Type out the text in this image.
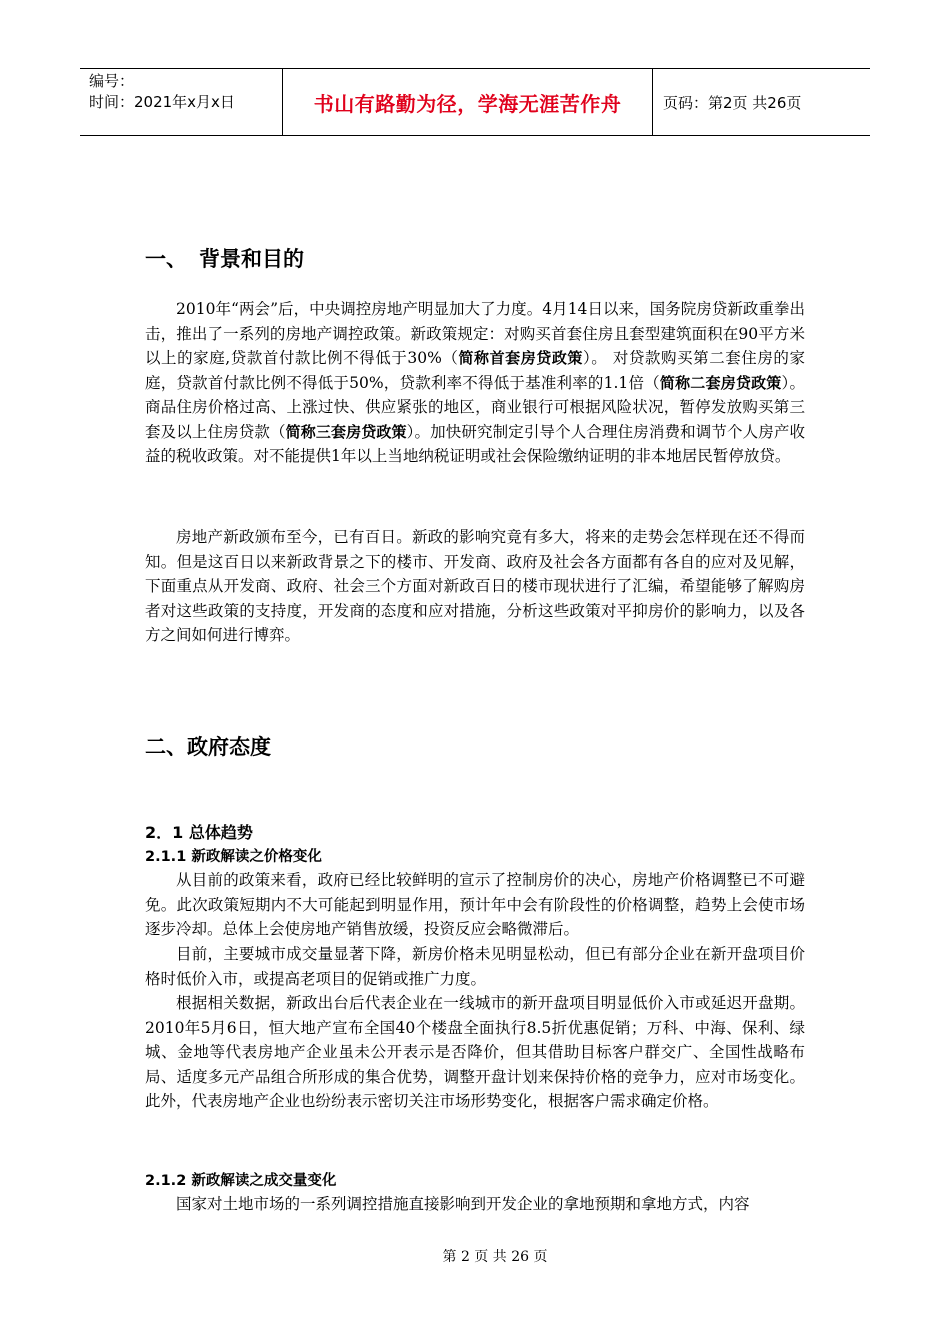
编号：
时间：2021年x月x日	书山有路勤为径，学海无涯苦作舟	页码：第2页 共26页
一、 背景和目的

2010年“两会”后，中央调控房地产明显加大了力度。4月14日以来，国务院房贷新政重拳出击，推出了一系列的房地产调控政策。新政策规定：对购买首套住房且套型建筑面积在90平方米以上的家庭,贷款首付款比例不得低于30%（简称首套房贷政策）。 对贷款购买第二套住房的家庭，贷款首付款比例不得低于50%，贷款利率不得低于基准利率的1.1倍（简称二套房贷政策）。商品住房价格过高、上涨过快、供应紧张的地区，商业银行可根据风险状况，暂停发放购买第三套及以上住房贷款（简称三套房贷政策）。加快研究制定引导个人合理住房消费和调节个人房产收益的税收政策。对不能提供1年以上当地纳税证明或社会保险缴纳证明的非本地居民暂停放贷。

房地产新政颁布至今，已有百日。新政的影响究竟有多大，将来的走势会怎样现在还不得而知。但是这百日以来新政背景之下的楼市、开发商、政府及社会各方面都有各自的应对及见解，下面重点从开发商、政府、社会三个方面对新政百日的楼市现状进行了汇编，希望能够了解购房者对这些政策的支持度，开发商的态度和应对措施，分析这些政策对平抑房价的影响力，以及各方之间如何进行博弈。

二、政府态度
2．1 总体趋势
2.1.1 新政解读之价格变化

从目前的政策来看，政府已经比较鲜明的宣示了控制房价的决心，房地产价格调整已不可避免。此次政策短期内不大可能起到明显作用，预计年中会有阶段性的价格调整，趋势上会使市场逐步冷却。总体上会使房地产销售放缓，投资反应会略微滞后。

目前，主要城市成交量显著下降，新房价格未见明显松动，但已有部分企业在新开盘项目价格时低价入市，或提高老项目的促销或推广力度。

根据相关数据，新政出台后代表企业在一线城市的新开盘项目明显低价入市或延迟开盘期。2010年5月6日，恒大地产宣布全国40个楼盘全面执行8.5折优惠促销；万科、中海、保利、绿城、金地等代表房地产企业虽未公开表示是否降价，但其借助目标客户群交广、全国性战略布局、适度多元产品组合所形成的集合优势，调整开盘计划来保持价格的竞争力，应对市场变化。此外，代表房地产企业也纷纷表示密切关注市场形势变化，根据客户需求确定价格。

2.1.2 新政解读之成交量变化

国家对土地市场的一系列调控措施直接影响到开发企业的拿地预期和拿地方式，内容

第 2 页 共 26 页
